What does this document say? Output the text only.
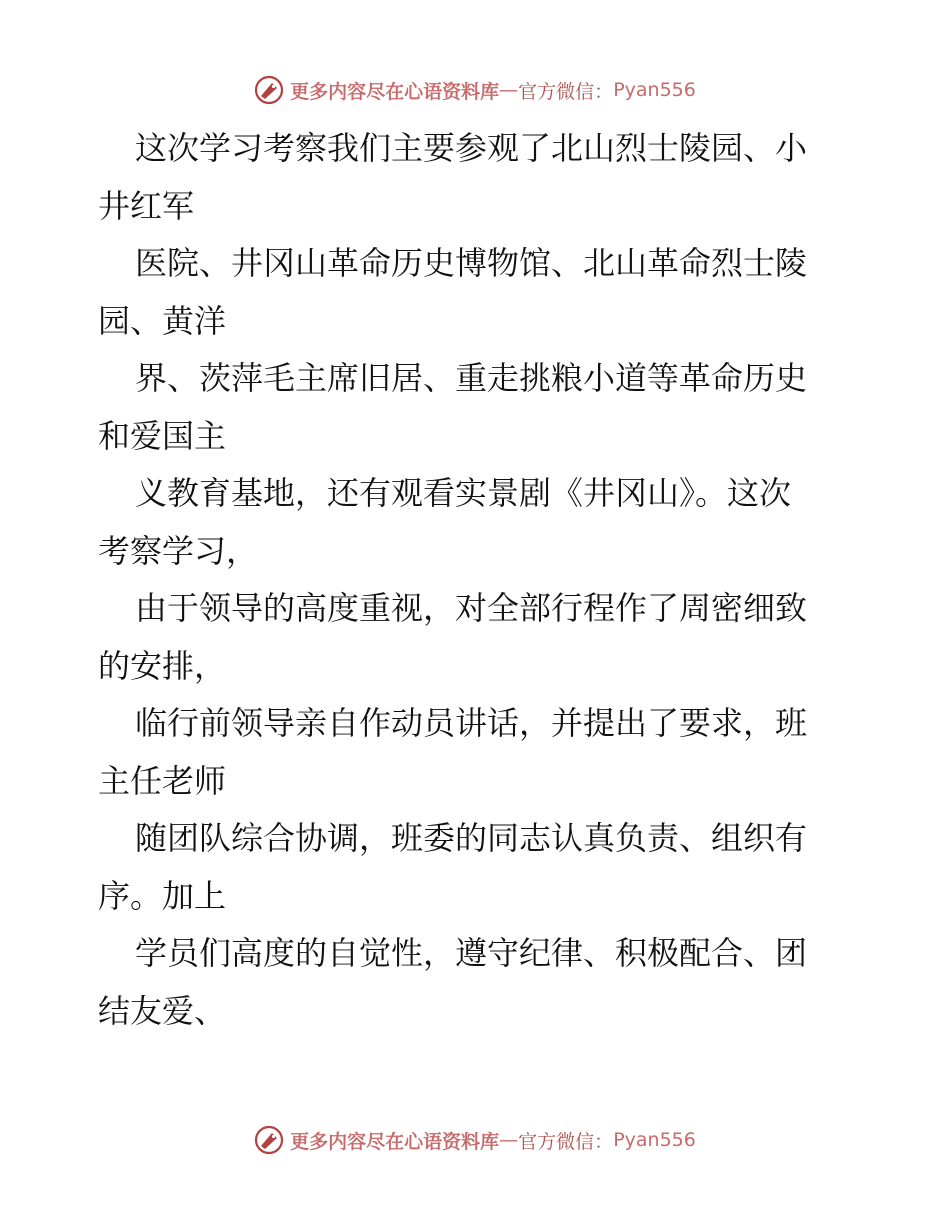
更多内容尽在心语资料库 — 官方微信： Pyan556
这次学习考察我们主要参观了北山烈士陵园、小
井红军
医院、井冈山革命历史博物馆、北山革命烈士陵
园、黄洋
界、茨萍毛主席旧居、重走挑粮小道等革命历史
和爱国主
义教育基地，还有观看实景剧《井冈山》。这次
考察学习，
由于领导的高度重视，对全部行程作了周密细致
的安排，
临行前领导亲自作动员讲话，并提出了要求，班
主任老师
随团队综合协调，班委的同志认真负责、组织有
序。加上
学员们高度的自觉性，遵守纪律、积极配合、团
结友爱、
更多内容尽在心语资料库 — 官方微信： Pyan556
